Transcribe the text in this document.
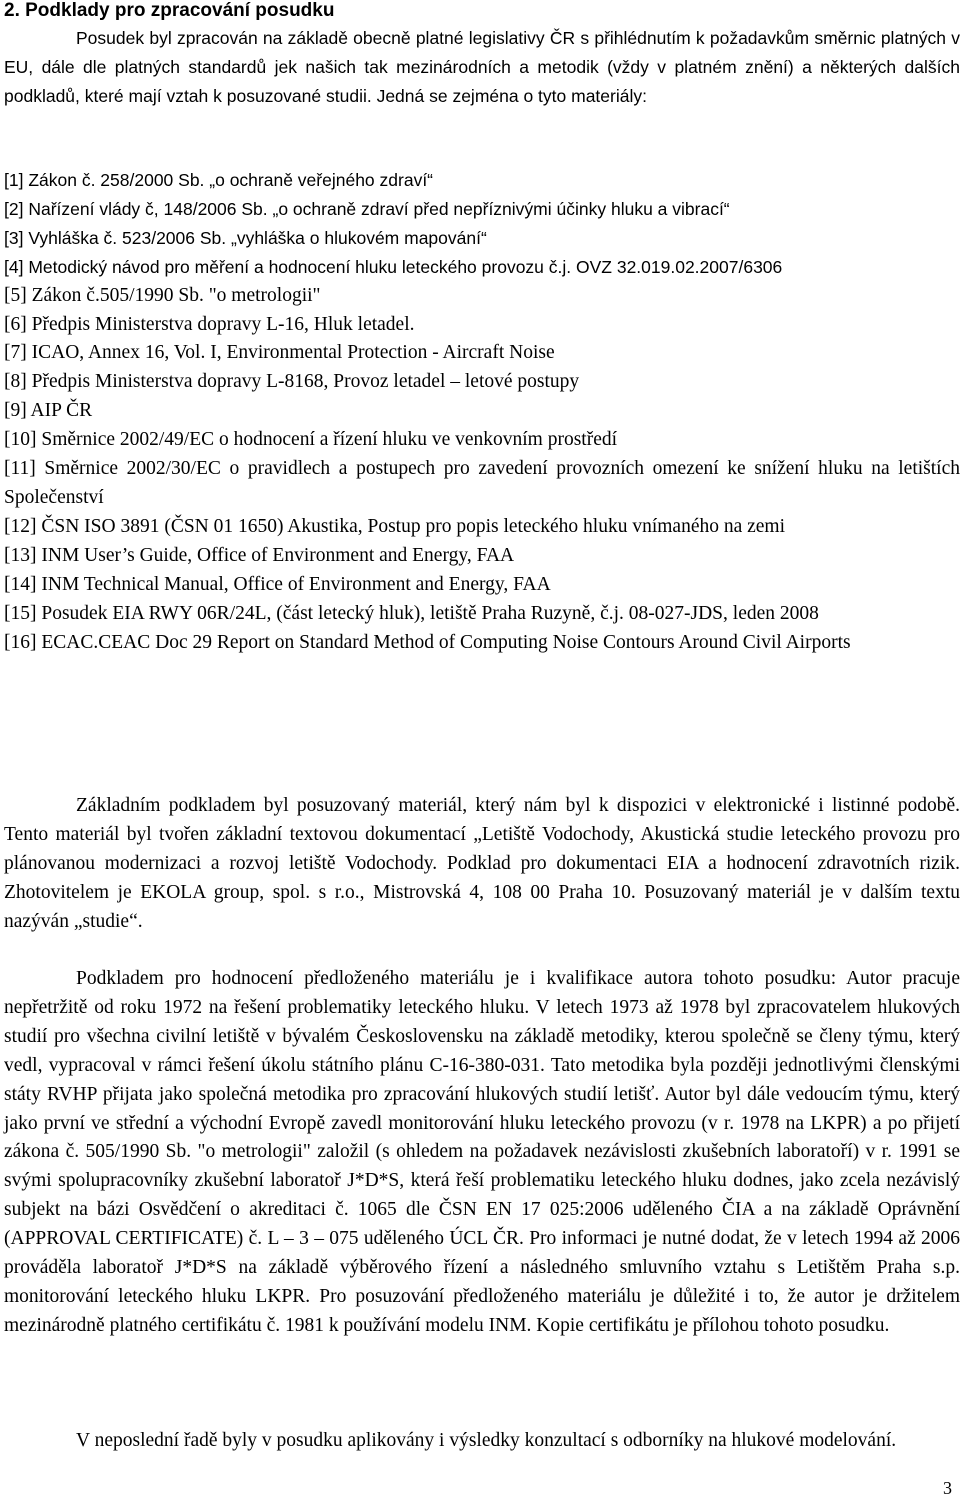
2. Podklady pro zpracování posudku

Posudek byl zpracován na základě obecně platné legislativy ČR s přihlédnutím k požadavkům směrnic platných v EU, dále dle platných standardů jek našich tak mezinárodních a metodik (vždy v platném znění) a některých dalších podkladů, které mají vztah k posuzované studii. Jedná se zejména o tyto materiály:

[1] Zákon č. 258/2000 Sb. „o ochraně veřejného zdraví“
[2] Nařízení vlády č, 148/2006 Sb. „o ochraně zdraví před nepříznivými účinky hluku a vibrací“
[3] Vyhláška č. 523/2006 Sb. „vyhláška o hlukovém mapování“
[4] Metodický návod pro měření a hodnocení hluku leteckého provozu č.j. OVZ 32.019.02.2007/6306
[5] Zákon č.505/1990 Sb. "o metrologii"
[6] Předpis Ministerstva dopravy L-16, Hluk letadel.
[7] ICAO, Annex 16, Vol. I, Environmental Protection - Aircraft Noise
[8] Předpis Ministerstva dopravy L-8168, Provoz letadel – letové postupy
[9] AIP ČR
[10] Směrnice 2002/49/EC o hodnocení a řízení hluku ve venkovním prostředí
[11] Směrnice 2002/30/EC o pravidlech a postupech pro zavedení provozních omezení ke snížení hluku na letištích Společenství
[12] ČSN ISO 3891 (ČSN 01 1650) Akustika, Postup pro popis leteckého hluku vnímaného na zemi
[13] INM User’s Guide, Office of Environment and Energy, FAA
[14] INM Technical Manual, Office of Environment and Energy, FAA
[15] Posudek EIA RWY 06R/24L, (část letecký hluk), letiště Praha Ruzyně, č.j. 08-027-JDS, leden 2008
[16] ECAC.CEAC Doc 29 Report on Standard Method of Computing Noise Contours Around Civil Airports

Základním podkladem byl posuzovaný materiál, který nám byl k dispozici v elektronické i listinné podobě. Tento materiál byl tvořen základní textovou dokumentací „Letiště Vodochody, Akustická studie leteckého provozu pro plánovanou modernizaci a rozvoj letiště Vodochody. Podklad pro dokumentaci EIA a hodnocení zdravotních rizik. Zhotovitelem je EKOLA group, spol. s r.o., Mistrovská 4, 108 00 Praha 10. Posuzovaný materiál je v dalším textu nazýván „studie“.

Podkladem pro hodnocení předloženého materiálu je i kvalifikace autora tohoto posudku: Autor pracuje nepřetržitě od roku 1972 na řešení problematiky leteckého hluku. V letech 1973 až 1978 byl zpracovatelem hlukových studií pro všechna civilní letiště v bývalém Československu na základě metodiky, kterou společně se členy týmu, který vedl, vypracoval v rámci řešení úkolu státního plánu C-16-380-031. Tato metodika byla později jednotlivými členskými státy RVHP přijata jako společná metodika pro zpracování hlukových studií letišť. Autor byl dále vedoucím týmu, který jako první ve střední a východní Evropě zavedl monitorování hluku leteckého provozu (v r. 1978 na LKPR) a po přijetí zákona č. 505/1990 Sb. "o metrologii" založil (s ohledem na požadavek nezávislosti zkušebních laboratoří) v r. 1991 se svými spolupracovníky zkušební laboratoř J*D*S, která řeší problematiku leteckého hluku dodnes, jako zcela nezávislý subjekt na bázi Osvědčení o akreditaci č. 1065 dle ČSN EN 17 025:2006 uděleného ČIA a na základě Oprávnění (APPROVAL CERTIFICATE) č. L – 3 – 075 uděleného ÚCL ČR. Pro informaci je nutné dodat, že v letech 1994 až 2006 prováděla laboratoř J*D*S na základě výběrového řízení a následného smluvního vztahu s Letištěm Praha s.p. monitorování leteckého hluku LKPR. Pro posuzování předloženého materiálu je důležité i to, že autor je držitelem mezinárodně platného certifikátu č. 1981 k používání modelu INM. Kopie certifikátu je přílohou tohoto posudku.

V neposlední řadě byly v posudku aplikovány i výsledky konzultací s odborníky na hlukové modelování.

3
